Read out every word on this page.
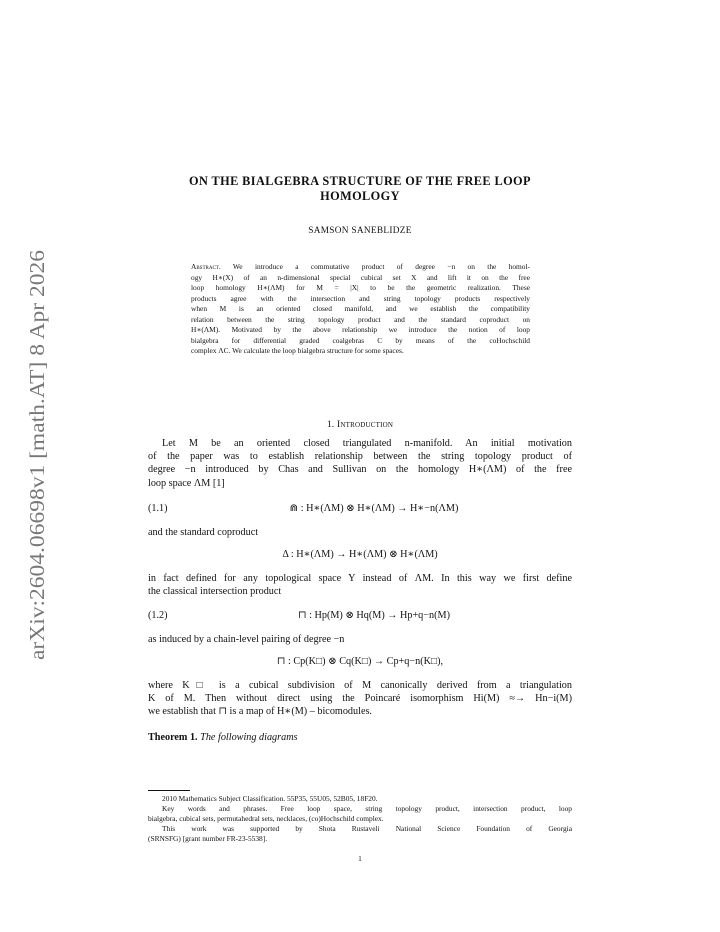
arXiv:2604.06698v1 [math.AT] 8 Apr 2026
ON THE BIALGEBRA STRUCTURE OF THE FREE LOOP
HOMOLOGY
SAMSON SANEBLIDZE
Abstract. We introduce a commutative product of degree −n on the homol-
ogy H∗(X) of an n-dimensional special cubical set X and lift it on the free
loop homology H∗(ΛM) for M = |X| to be the geometric realization. These
products agree with the intersection and string topology products respectively
when M is an oriented closed manifold, and we establish the compatibility
relation between the string topology product and the standard coproduct on
H∗(ΛM). Motivated by the above relationship we introduce the notion of loop
bialgebra for differential graded coalgebras C by means of the coHochschild
complex ΛC. We calculate the loop bialgebra structure for some spaces.
1. Introduction
Let M be an oriented closed triangulated n-manifold. An initial motivation
of the paper was to establish relationship between the string topology product of
degree −n introduced by Chas and Sullivan on the homology H∗(ΛM) of the free
loop space ΛM [1]
(1.1)	⋒ : H∗(ΛM) ⊗ H∗(ΛM) → H∗−n(ΛM)
and the standard coproduct
Δ : H∗(ΛM) → H∗(ΛM) ⊗ H∗(ΛM)
in fact defined for any topological space Y instead of ΛM. In this way we first define
the classical intersection product
(1.2)	⊓ : Hp(M) ⊗ Hq(M) → Hp+q−n(M)
as induced by a chain-level pairing of degree −n
⊓ : Cp(K□) ⊗ Cq(K□) → Cp+q−n(K□),
where K□ is a cubical subdivision of M canonically derived from a triangulation
K of M. Then without direct using the Poincaré isomorphism Hi(M) ≈→ Hn−i(M)
we establish that ⊓ is a map of H∗(M) – bicomodules.
Theorem 1. The following diagrams
2010 Mathematics Subject Classification. 55P35, 55U05, 52B05, 18F20.
Key words and phrases. Free loop space, string topology product, intersection product, loop
bialgebra, cubical sets, permutahedral sets, necklaces, (co)Hochschild complex.
This work was supported by Shota Rustaveli National Science Foundation of Georgia
(SRNSFG) [grant number FR-23-5538].
1
